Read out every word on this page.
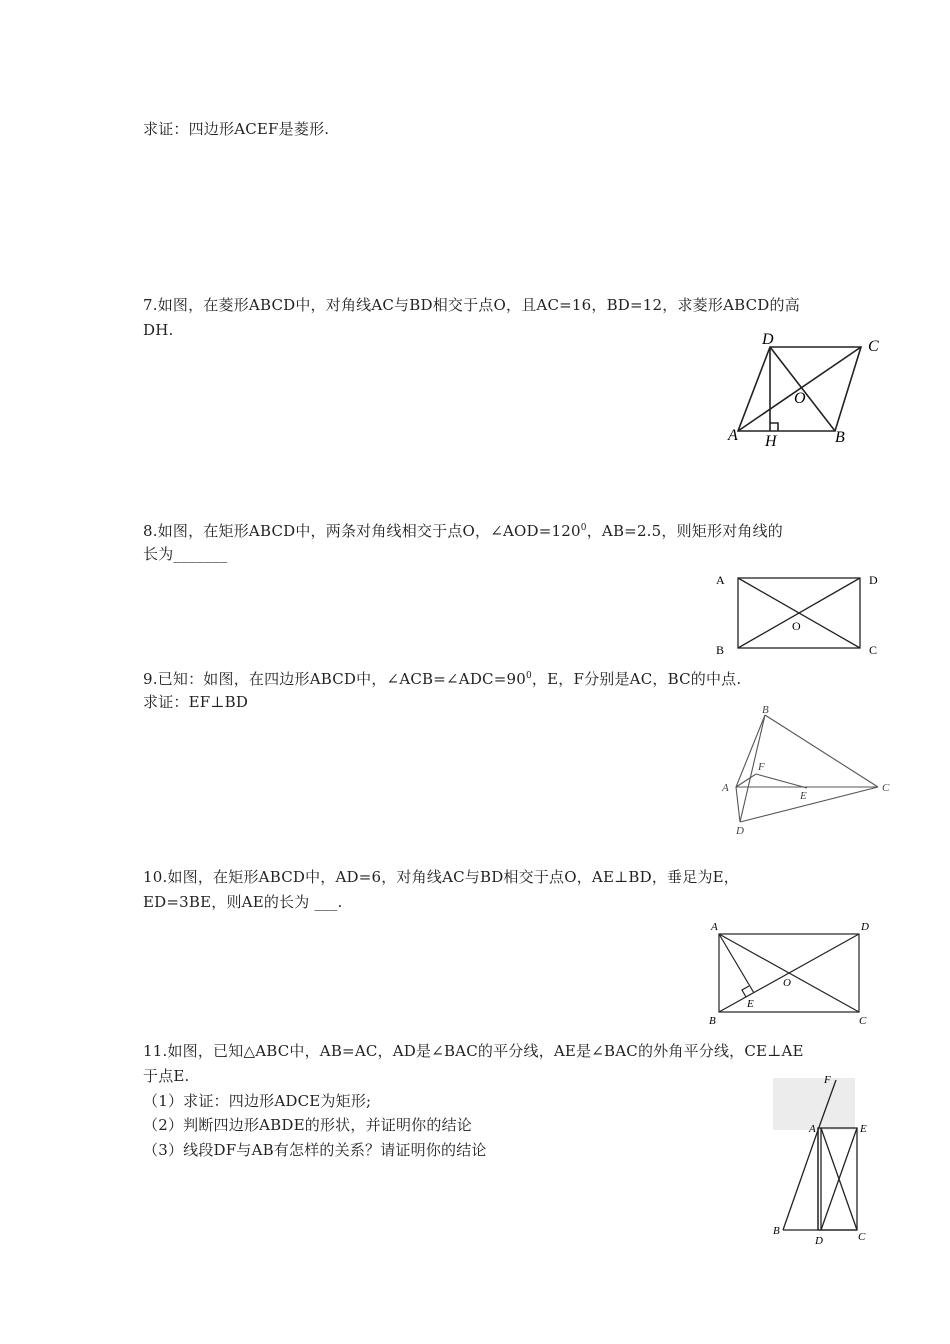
求证：四边形ACEF是菱形.
7.如图，在菱形ABCD中，对角线AC与BD相交于点O，且AC=16，BD=12，求菱形ABCD的高
DH.
D	C
O
A H	B
8.如图，在矩形ABCD中，两条对角线相交于点O，$\angle AOD=120^0$，AB=2.5，则矩形对角线的
长为_______
A	D
O
B	C
9.已知：如图，在四边形ABCD中，$\angle ACB=\angle ADC=90^0$，E，F分别是AC，BC的中点.
求证：EF⊥BD	B
F
A
E
C
D
10.如图，在矩形ABCD中，AD=6，对角线AC与BD相交于点O，AE⊥BD，垂足为E，
ED=3BE，则AE的长为 ___.
A	D
O
E
B	C
11.如图，已知△ABC中，AB=AC，AD是∠BAC的平分线，AE是∠BAC的外角平分线，CE⊥AE
于点E.
（1）求证：四边形ADCE为矩形;
（2）判断四边形ABDE的形状，并证明你的结论
（3）线段DF与AB有怎样的关系？请证明你的结论
F
A	E
B
D	C
